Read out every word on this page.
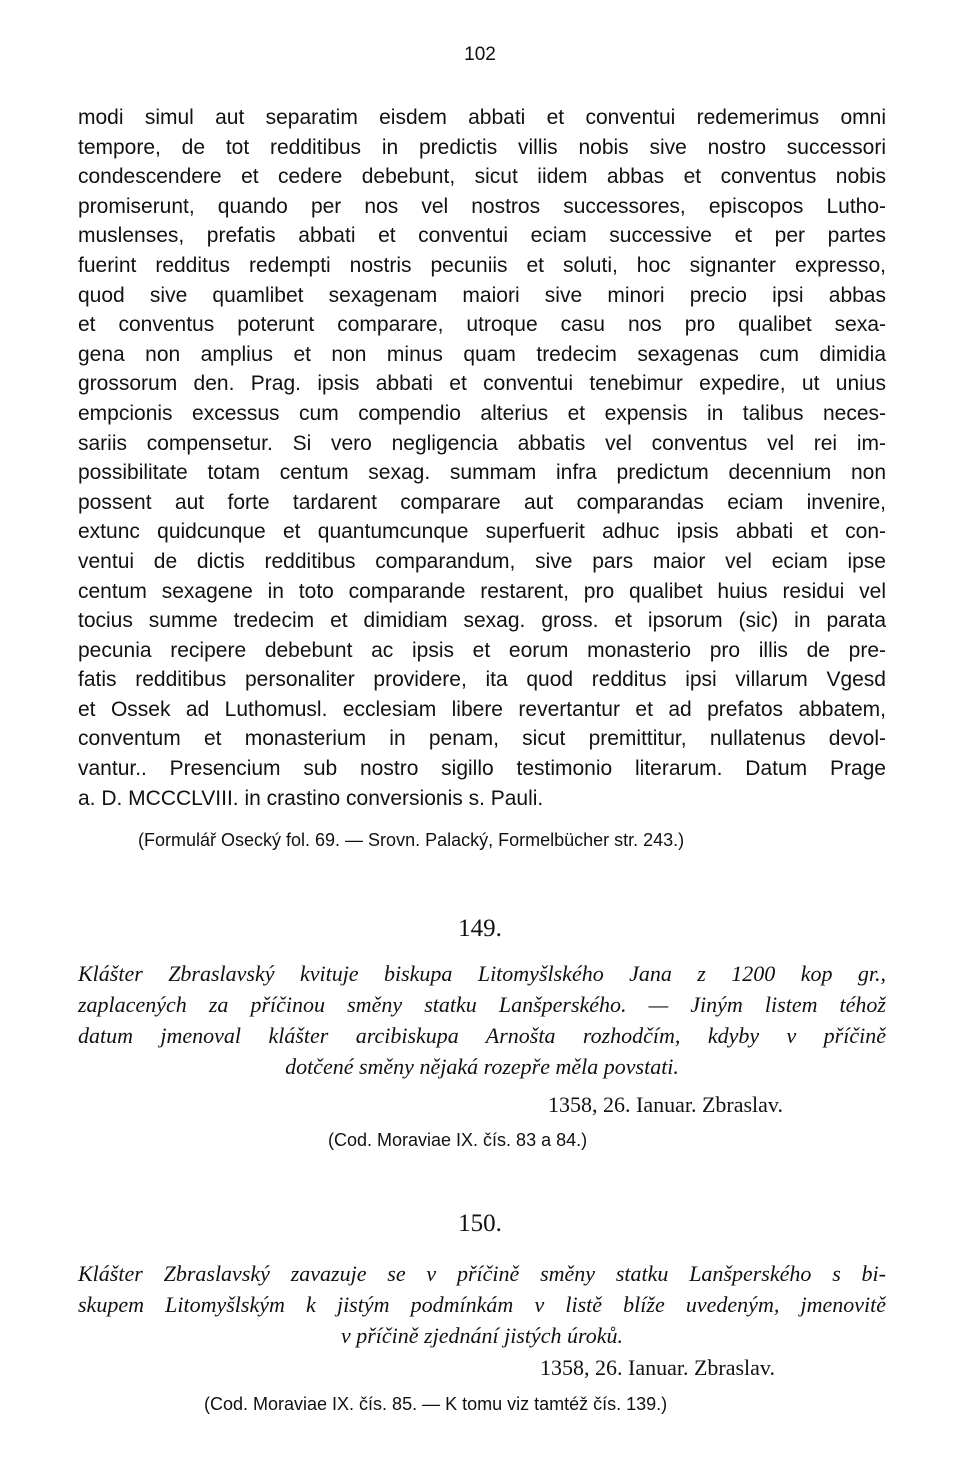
102
modi simul aut separatim eisdem abbati et conventui redemerimus omni
tempore, de tot redditibus in predictis villis nobis sive nostro successori
condescendere et cedere debebunt, sicut iidem abbas et conventus nobis
promiserunt, quando per nos vel nostros successores, episcopos Lutho-
muslenses, prefatis abbati et conventui eciam successive et per partes
fuerint redditus redempti nostris pecuniis et soluti, hoc signanter expresso,
quod sive quamlibet sexagenam maiori sive minori precio ipsi abbas
et conventus poterunt comparare, utroque casu nos pro qualibet sexa-
gena non amplius et non minus quam tredecim sexagenas cum dimidia
grossorum den. Prag. ipsis abbati et conventui tenebimur expedire, ut unius
empcionis excessus cum compendio alterius et expensis in talibus neces-
sariis compensetur. Si vero negligencia abbatis vel conventus vel rei im-
possibilitate totam centum sexag. summam infra predictum decennium non
possent aut forte tardarent comparare aut comparandas eciam invenire,
extunc quidcunque et quantumcunque superfuerit adhuc ipsis abbati et con-
ventui de dictis redditibus comparandum, sive pars maior vel eciam ipse
centum sexagene in toto comparande restarent, pro qualibet huius residui vel
tocius summe tredecim et dimidiam sexag. gross. et ipsorum (sic) in parata
pecunia recipere debebunt ac ipsis et eorum monasterio pro illis de pre-
fatis redditibus personaliter providere, ita quod redditus ipsi villarum Vgesd
et Ossek ad Luthomusl. ecclesiam libere revertantur et ad prefatos abbatem,
conventum et monasterium in penam, sicut premittitur, nullatenus devol-
vantur.. Presencium sub nostro sigillo testimonio literarum. Datum Prage
a. D. MCCCLVIII. in crastino conversionis s. Pauli.
(Formulář Osecký fol. 69. — Srovn. Palacký, Formelbücher str. 243.)
149.
Klášter Zbraslavský kvituje biskupa Litomyšlského Jana z 1200 kop gr.,
zaplacených za příčinou směny statku Lanšperského. — Jiným listem téhož
datum jmenoval klášter arcibiskupa Arnošta rozhodčím, kdyby v příčině
dotčené směny nějaká rozepře měla povstati.
1358, 26. Ianuar. Zbraslav.
(Cod. Moraviae IX. čís. 83 a 84.)
150.
Klášter Zbraslavský zavazuje se v příčině směny statku Lanšperského s bi-
skupem Litomyšlským k jistým podmínkám v listě blíže uvedeným, jmenovitě
v příčině zjednání jistých úroků.
1358, 26. Ianuar. Zbraslav.
(Cod. Moraviae IX. čís. 85. — K tomu viz tamtéž čís. 139.)
